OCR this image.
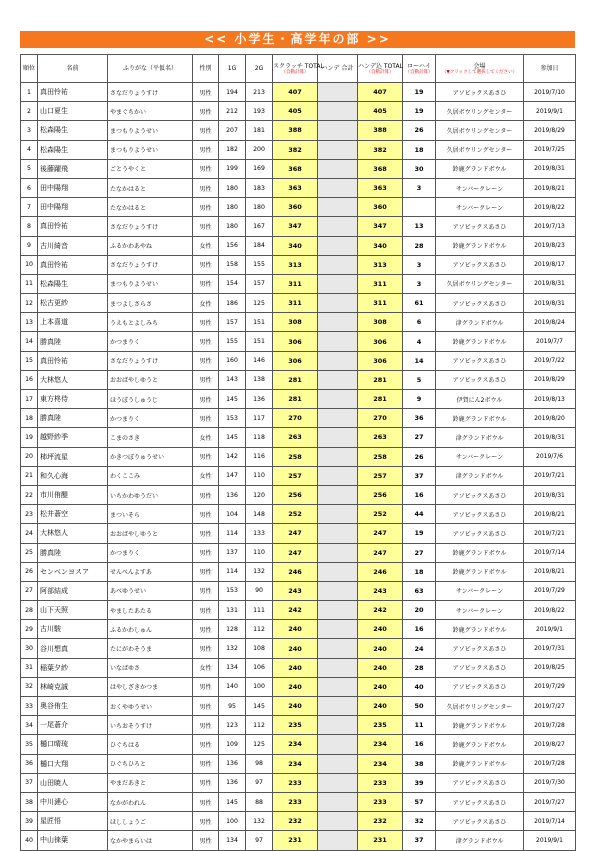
<< 小学生・高学年の部 >>
順位	名前	ふりがな（平仮名）	性別	1G	2G	スクラッチ TOTAL
（自動計算）	ハンデ 合計	ハンデ込 TOTAL
（自動計算）	ローハイ
（自動計算）	会場
（▼クリックして選択してください）	参加日
1	真田怜祐	さなだりょうすけ	男性	194	213	407		407	19	アソビックスあさひ	2019/7/10
2	山口夏生	やまぐちかい	男性	212	193	405		405	19	久居ボウリングセンター	2019/9/1
3	松森陽生	まつもりようせい	男性	207	181	388		388	26	久居ボウリングセンター	2019/8/29
4	松森陽生	まつもりようせい	男性	182	200	382		382	18	久居ボウリングセンター	2019/7/25
5	後藤躍飛	ごとうやくと	男性	199	169	368		368	30	鈴鹿グランドボウル	2019/8/31
6	田中陽翔	たなかはると	男性	180	183	363		363	3	サンバークレーン	2019/8/21
7	田中陽翔	たなかはると	男性	180	180	360		360		サンバークレーン	2019/8/22
8	真田怜祐	さなだりょうすけ	男性	180	167	347		347	13	アソビックスあさひ	2019/7/13
9	古川綺音	ふるかわあやね	女性	156	184	340		340	28	鈴鹿グランドボウル	2019/8/23
10	真田怜祐	さなだりょうすけ	男性	158	155	313		313	3	アソビックスあさひ	2019/8/17
11	松森陽生	まつもりようせい	男性	154	157	311		311	3	久居ボウリングセンター	2019/8/31
12	松古更紗	まつよしさらさ	女性	186	125	311		311	61	アソビックスあさひ	2019/8/31
13	上本喜道	うえもとよしみち	男性	157	151	308		308	6	津グランドボウル	2019/8/24
14	勝真陸	かつまりく	男性	155	151	306		306	4	鈴鹿グランドボウル	2019/7/7
15	真田怜祐	さなだりょうすけ	男性	160	146	306		306	14	アソビックスあさひ	2019/7/22
16	大林悠人	おおばやしゆうと	男性	143	138	281		281	5	アソビックスあさひ	2019/8/29
17	東方柊侍	ほうぼうしゅうじ	男性	145	136	281		281	9	伊賀にん2ボウル	2019/8/13
18	勝真陸	かつまりく	男性	153	117	270		270	36	鈴鹿グランドボウル	2019/8/20
19	越野紗季	こまのさき	女性	145	118	263		263	27	津グランドボウル	2019/8/31
20	柿坪流星	かきつぼりゅうせい	男性	142	116	258		258	26	サンバークレーン	2019/7/6
21	和久心海	わくここみ	女性	147	110	257		257	37	津グランドボウル	2019/7/21
22	市川侑醍	いちかわゆうだい	男性	136	120	256		256	16	アソビックスあさひ	2019/8/31
23	松井蒼空	まついそら	男性	104	148	252		252	44	アソビックスあさひ	2019/8/21
24	大林悠人	おおばやしゆうと	男性	114	133	247		247	19	アソビックスあさひ	2019/7/21
25	勝真陸	かつまりく	男性	137	110	247		247	27	鈴鹿グランドボウル	2019/7/14
26	センベンヨスア	せんべんよすあ	男性	114	132	246		246	18	鈴鹿グランドボウル	2019/8/21
27	阿部結成	あべゆうせい	男性	153	90	243		243	63	サンバークレーン	2019/7/29
28	山下天照	やましたあたる	男性	131	111	242		242	20	サンバークレーン	2019/8/22
29	古川駿	ふるかわしゅん	男性	128	112	240		240	16	鈴鹿グランドボウル	2019/9/1
30	谷川想真	たにがわそうま	男性	132	108	240		240	24	アソビックスあさひ	2019/7/31
31	稲葉夕紗	いなばゆさ	女性	134	106	240		240	28	アソビックスあさひ	2019/8/25
32	林崎克誠	はやしざきかつま	男性	140	100	240		240	40	アソビックスあさひ	2019/7/29
33	奥谷侑生	おくやゆうせい	男性	95	145	240		240	50	久居ボウリングセンター	2019/7/27
34	一尾蒼介	いちおそうすけ	男性	123	112	235		235	11	鈴鹿グランドボウル	2019/7/28
35	樋口晴琉	ひぐちはる	男性	109	125	234		234	16	鈴鹿グランドボウル	2019/8/27
36	樋口大翔	ひぐちひろと	男性	136	98	234		234	38	鈴鹿グランドボウル	2019/7/28
37	山田暁人	やまだあきと	男性	136	97	233		233	39	アソビックスあさひ	2019/7/30
38	中川漣心	なかがわれん	男性	145	88	233		233	57	アソビックスあさひ	2019/7/27
39	星匠悟	ほししょうご	男性	100	132	232		232	32	アソビックスあさひ	2019/7/14
40	中山徠葉	なかやまらいは	男性	134	97	231		231	37	津グランドボウル	2019/9/1
